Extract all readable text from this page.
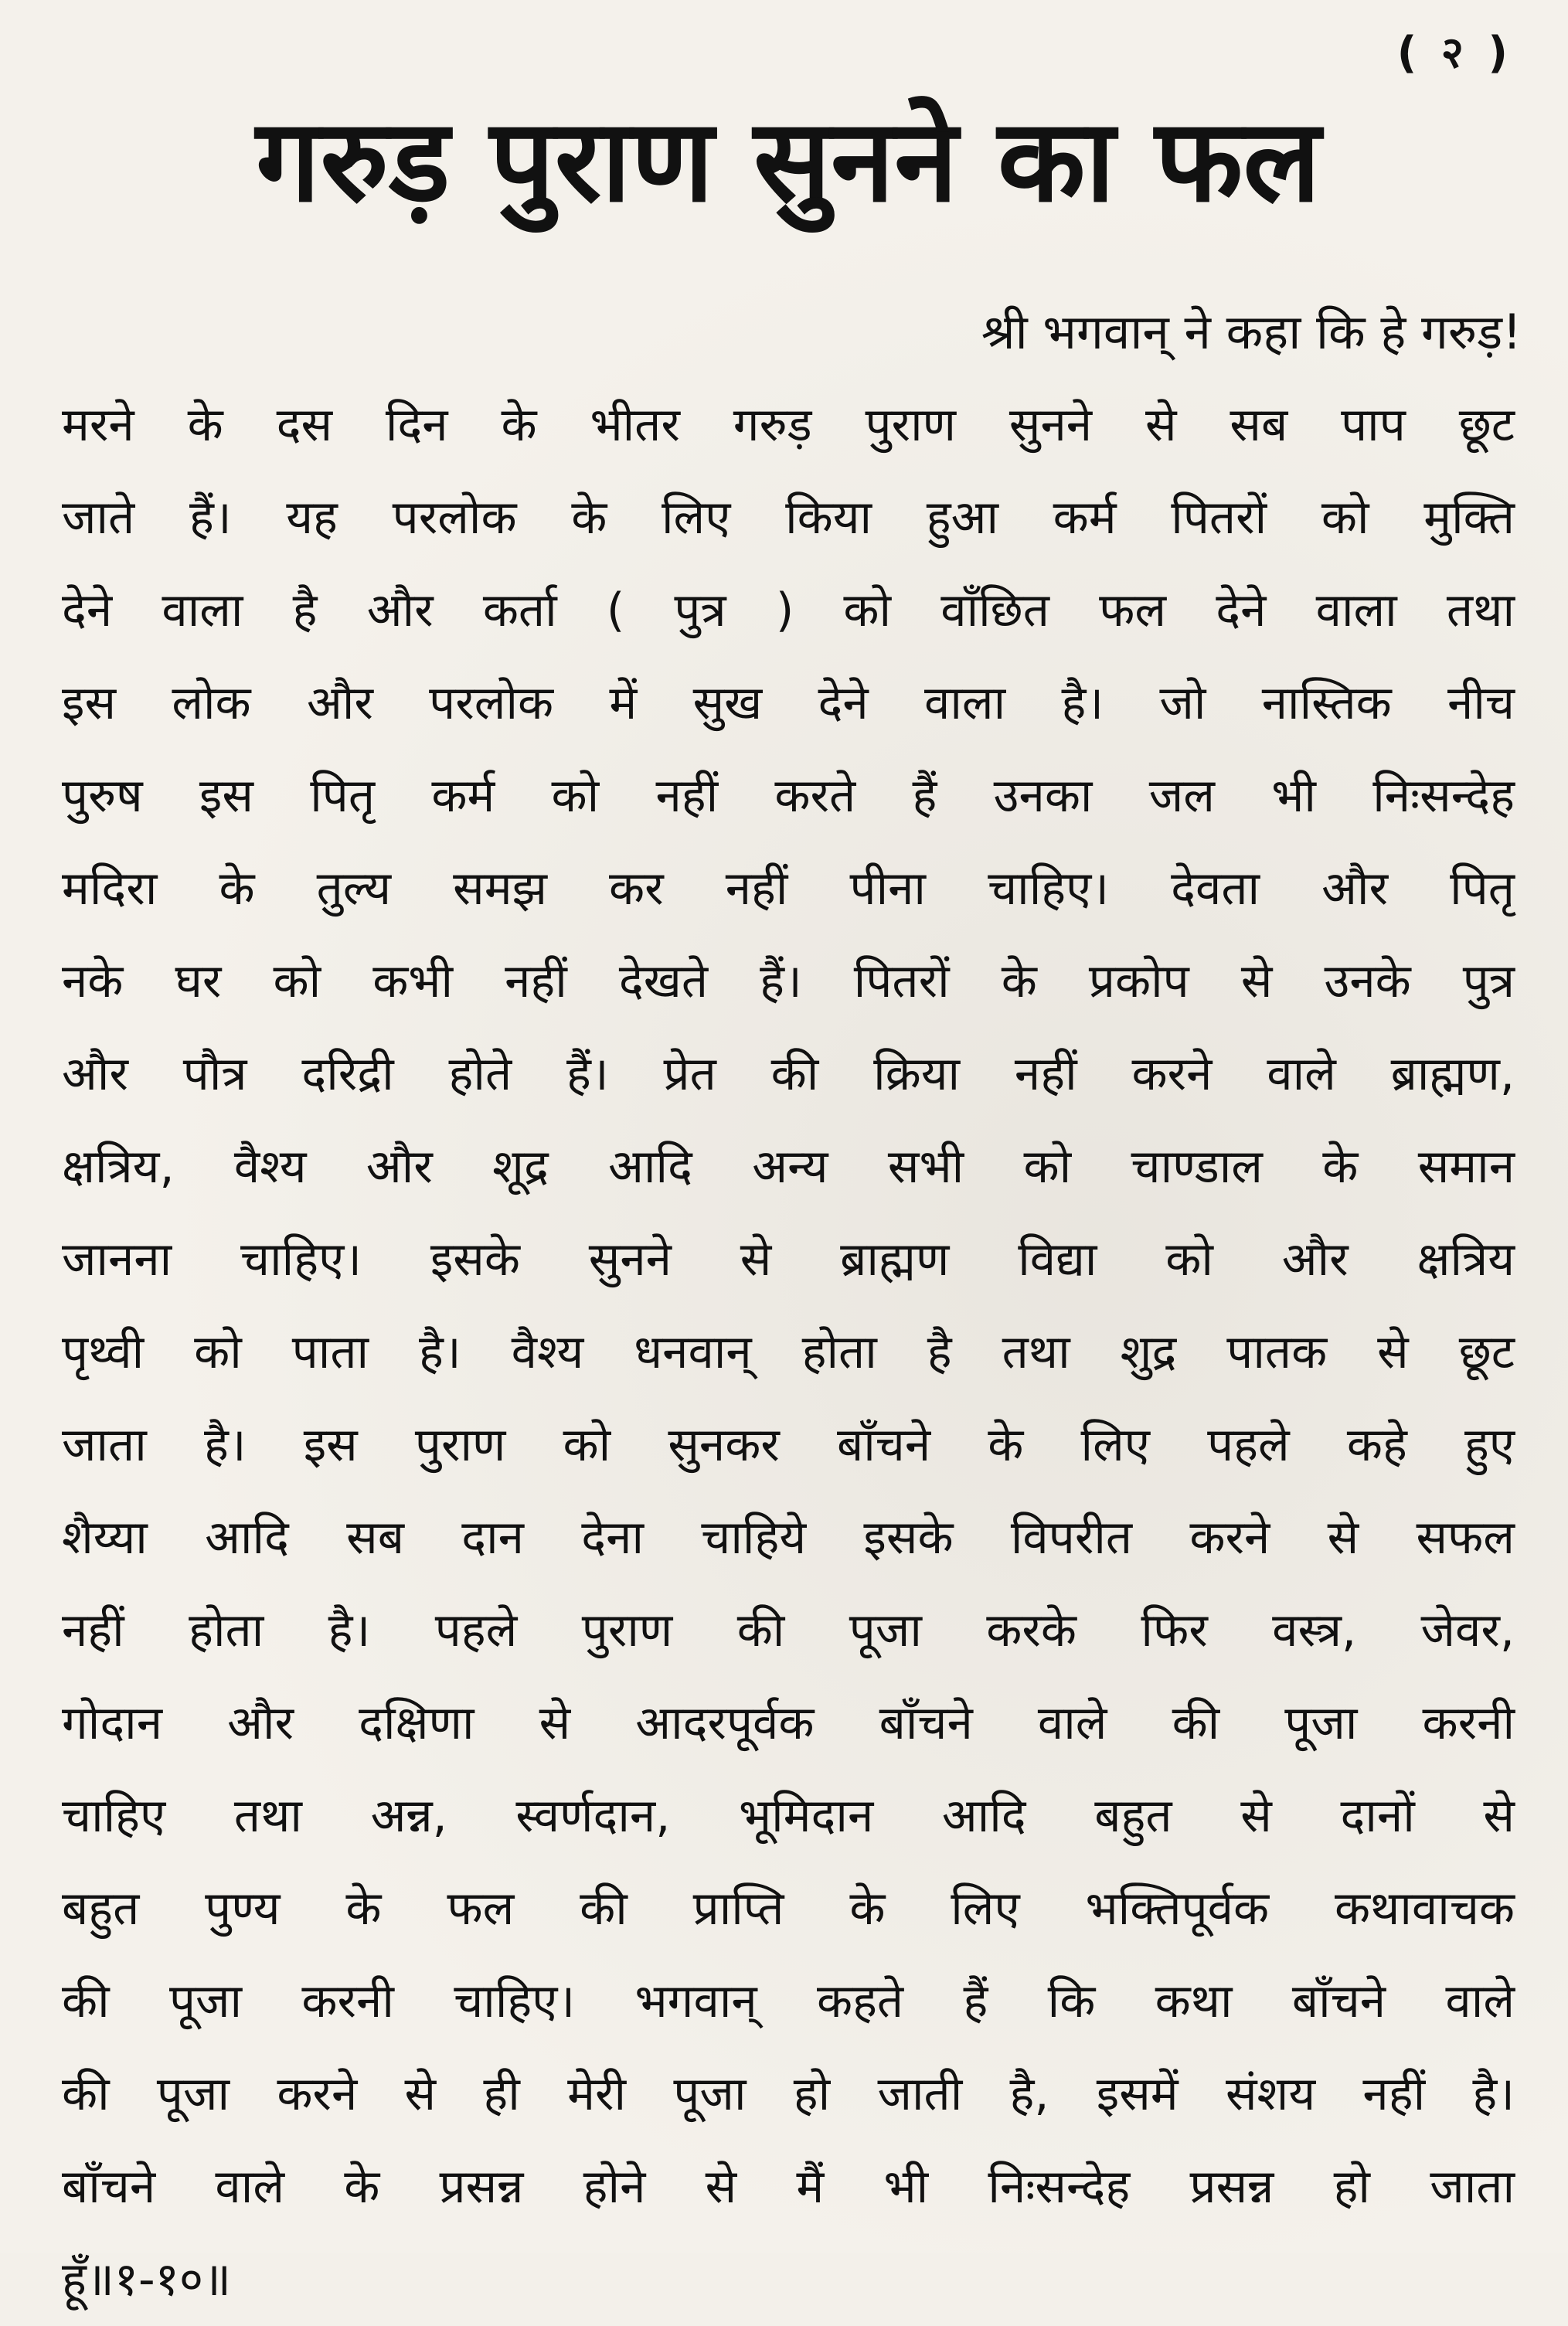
( २ )
गरुड़ पुराण सुनने का फल
श्री भगवान् ने कहा कि हे गरुड़!
मरने के दस दिन के भीतर गरुड़ पुराण सुनने से सब पाप छूट
जाते हैं। यह परलोक के लिए किया हुआ कर्म पितरों को मुक्ति
देने वाला है और कर्ता ( पुत्र ) को वाँछित फल देने वाला तथा
इस लोक और परलोक में सुख देने वाला है। जो नास्तिक नीच
पुरुष इस पितृ कर्म को नहीं करते हैं उनका जल भी निःसन्देह
मदिरा के तुल्य समझ कर नहीं पीना चाहिए। देवता और पितृ
नके घर को कभी नहीं देखते हैं। पितरों के प्रकोप से उनके पुत्र
और पौत्र दरिद्री होते हैं। प्रेत की क्रिया नहीं करने वाले ब्राह्मण,
क्षत्रिय, वैश्य और शूद्र आदि अन्य सभी को चाण्डाल के समान
जानना चाहिए। इसके सुनने से ब्राह्मण विद्या को और क्षत्रिय
पृथ्वी को पाता है। वैश्य धनवान् होता है तथा शुद्र पातक से छूट
जाता है। इस पुराण को सुनकर बाँचने के लिए पहले कहे हुए
शैय्या आदि सब दान देना चाहिये इसके विपरीत करने से सफल
नहीं होता है। पहले पुराण की पूजा करके फिर वस्त्र, जेवर,
गोदान और दक्षिणा से आदरपूर्वक बाँचने वाले की पूजा करनी
चाहिए तथा अन्न, स्वर्णदान, भूमिदान आदि बहुत से दानों से
बहुत पुण्य के फल की प्राप्ति के लिए भक्तिपूर्वक कथावाचक
की पूजा करनी चाहिए। भगवान् कहते हैं कि कथा बाँचने वाले
की पूजा करने से ही मेरी पूजा हो जाती है, इसमें संशय नहीं है।
बाँचने वाले के प्रसन्न होने से मैं भी निःसन्देह प्रसन्न हो जाता
हूँ॥१-१०॥
